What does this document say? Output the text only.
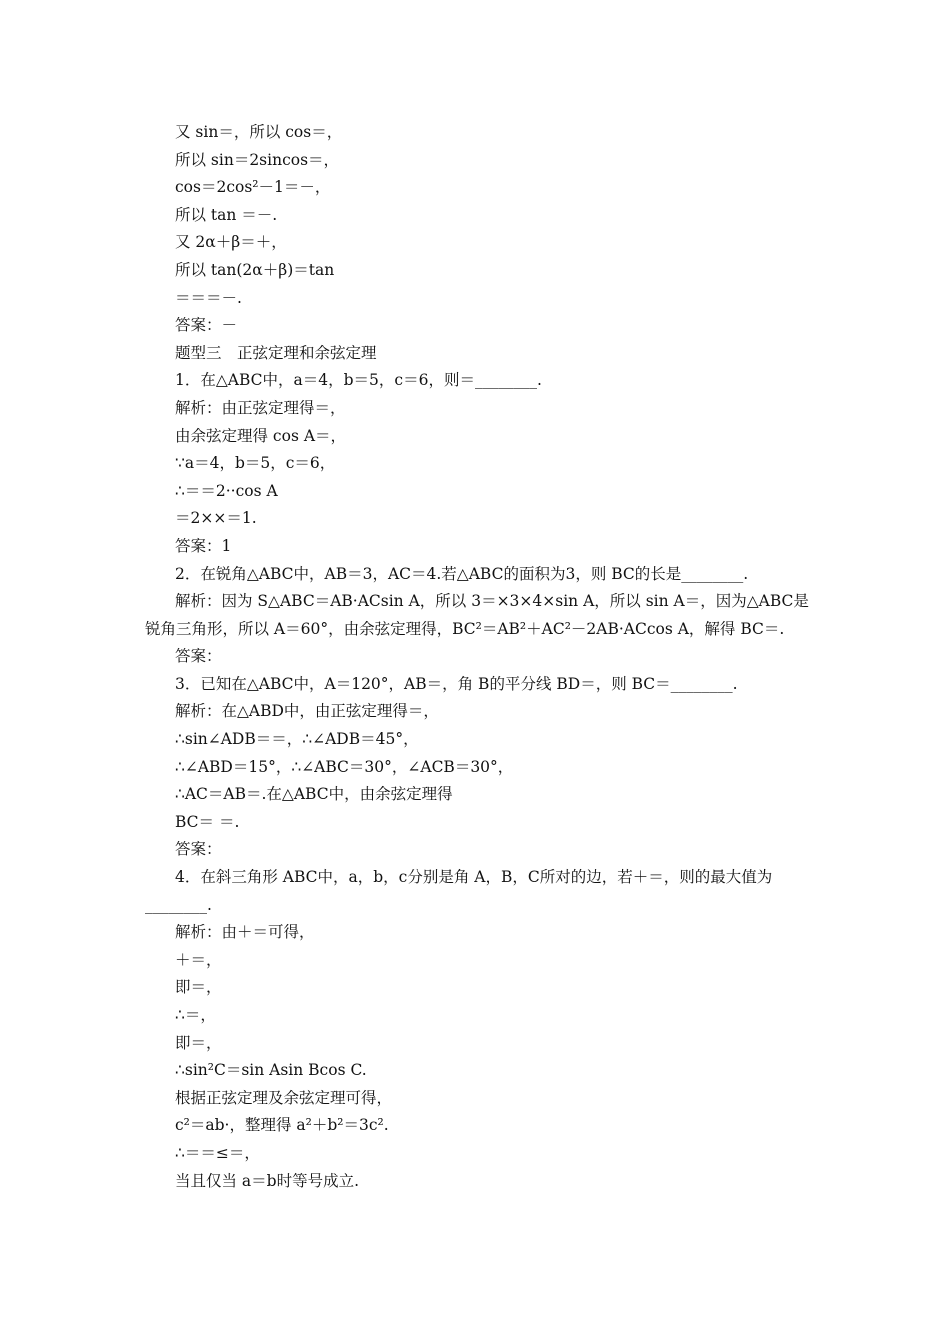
又 sin＝，所以 cos＝，
所以 sin＝2sincos＝，
cos＝2cos²－1＝－，
所以 tan ＝－.
又 2α＋β＝＋，
所以 tan(2α＋β)＝tan
＝＝＝－.
答案：－
题型三　正弦定理和余弦定理
1．在△ABC中，a＝4，b＝5，c＝6，则＝________.
解析：由正弦定理得＝，
由余弦定理得 cos A＝，
∵a＝4，b＝5，c＝6，
∴＝＝2··cos A
＝2××＝1.
答案：1
2．在锐角△ABC中，AB＝3，AC＝4.若△ABC的面积为3，则 BC的长是________.
解析：因为 S△ABC＝AB·ACsin A，所以 3＝×3×4×sin A，所以 sin A＝，因为△ABC是锐角三角形，所以 A＝60°，由余弦定理得，BC²＝AB²＋AC²－2AB·ACcos A，解得 BC＝.
答案：
3．已知在△ABC中，A＝120°，AB＝，角 B的平分线 BD＝，则 BC＝________.
解析：在△ABD中，由正弦定理得＝，
∴sin∠ADB＝＝，∴∠ADB＝45°，
∴∠ABD＝15°，∴∠ABC＝30°，∠ACB＝30°，
∴AC＝AB＝.在△ABC中，由余弦定理得
BC＝ ＝.
答案：
4．在斜三角形 ABC中，a，b，c分别是角 A，B，C所对的边，若＋＝，则的最大值为________.
解析：由＋＝可得，
＋＝，
即＝，
∴＝，
即＝，
∴sin²C＝sin Asin Bcos C.
根据正弦定理及余弦定理可得，
c²＝ab·，整理得 a²＋b²＝3c².
∴＝＝≤＝，
当且仅当 a＝b时等号成立.
